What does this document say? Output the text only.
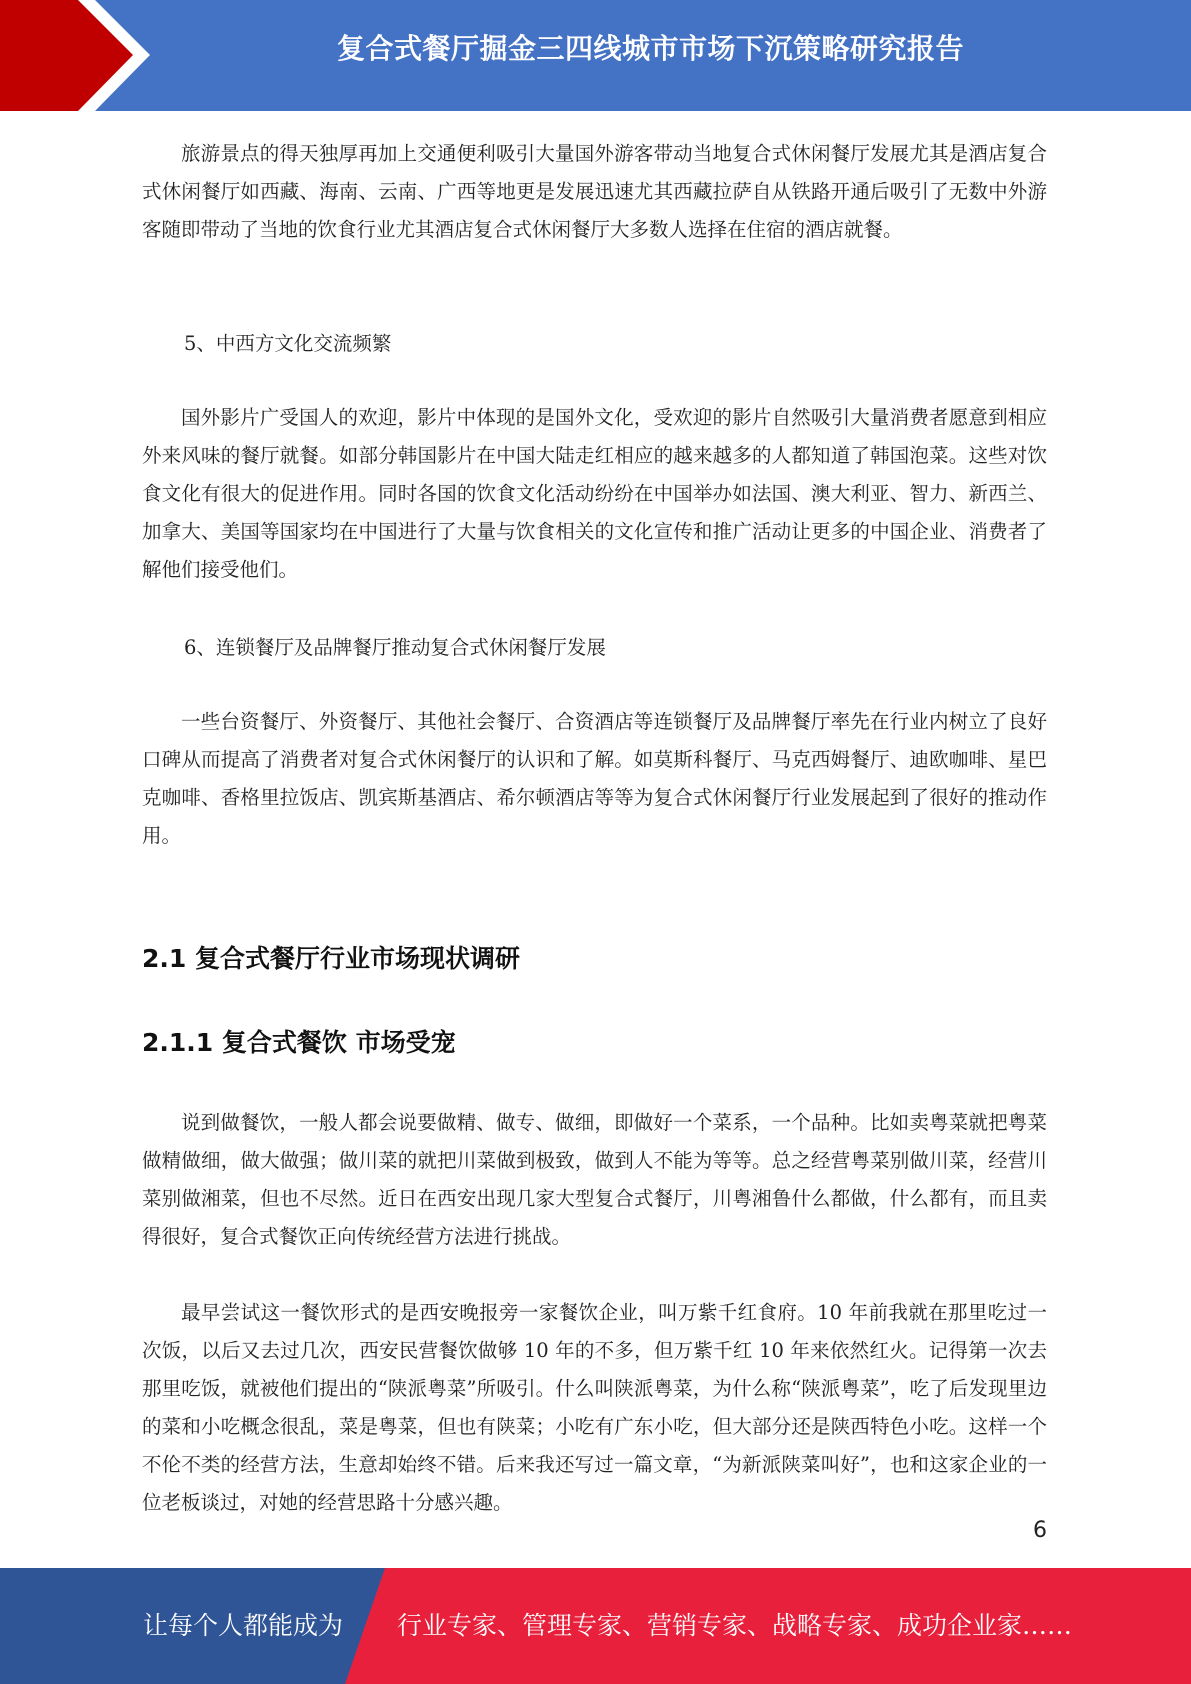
复合式餐厅掘金三四线城市市场下沉策略研究报告

旅游景点的得天独厚再加上交通便利吸引大量国外游客带动当地复合式休闲餐厅发展尤其是酒店复合式休闲餐厅如西藏、海南、云南、广西等地更是发展迅速尤其西藏拉萨自从铁路开通后吸引了无数中外游客随即带动了当地的饮食行业尤其酒店复合式休闲餐厅大多数人选择在住宿的酒店就餐。

5、中西方文化交流频繁

国外影片广受国人的欢迎，影片中体现的是国外文化，受欢迎的影片自然吸引大量消费者愿意到相应外来风味的餐厅就餐。如部分韩国影片在中国大陆走红相应的越来越多的人都知道了韩国泡菜。这些对饮食文化有很大的促进作用。同时各国的饮食文化活动纷纷在中国举办如法国、澳大利亚、智力、新西兰、加拿大、美国等国家均在中国进行了大量与饮食相关的文化宣传和推广活动让更多的中国企业、消费者了解他们接受他们。

6、连锁餐厅及品牌餐厅推动复合式休闲餐厅发展

一些台资餐厅、外资餐厅、其他社会餐厅、合资酒店等连锁餐厅及品牌餐厅率先在行业内树立了良好口碑从而提高了消费者对复合式休闲餐厅的认识和了解。如莫斯科餐厅、马克西姆餐厅、迪欧咖啡、星巴克咖啡、香格里拉饭店、凯宾斯基酒店、希尔顿酒店等等为复合式休闲餐厅行业发展起到了很好的推动作用。

2.1 复合式餐厅行业市场现状调研
2.1.1 复合式餐饮 市场受宠

说到做餐饮，一般人都会说要做精、做专、做细，即做好一个菜系，一个品种。比如卖粤菜就把粤菜做精做细，做大做强；做川菜的就把川菜做到极致，做到人不能为等等。总之经营粤菜别做川菜，经营川菜别做湘菜，但也不尽然。近日在西安出现几家大型复合式餐厅，川粤湘鲁什么都做，什么都有，而且卖得很好，复合式餐饮正向传统经营方法进行挑战。

最早尝试这一餐饮形式的是西安晚报旁一家餐饮企业，叫万紫千红食府。10 年前我就在那里吃过一次饭，以后又去过几次，西安民营餐饮做够 10 年的不多，但万紫千红 10 年来依然红火。记得第一次去那里吃饭，就被他们提出的“陕派粤菜”所吸引。什么叫陕派粤菜，为什么称“陕派粤菜”，吃了后发现里边的菜和小吃概念很乱，菜是粤菜，但也有陕菜；小吃有广东小吃，但大部分还是陕西特色小吃。这样一个不伦不类的经营方法，生意却始终不错。后来我还写过一篇文章，“为新派陕菜叫好”，也和这家企业的一位老板谈过，对她的经营思路十分感兴趣。

6
让每个人都能成为 行业专家、管理专家、营销专家、战略专家、成功企业家……
